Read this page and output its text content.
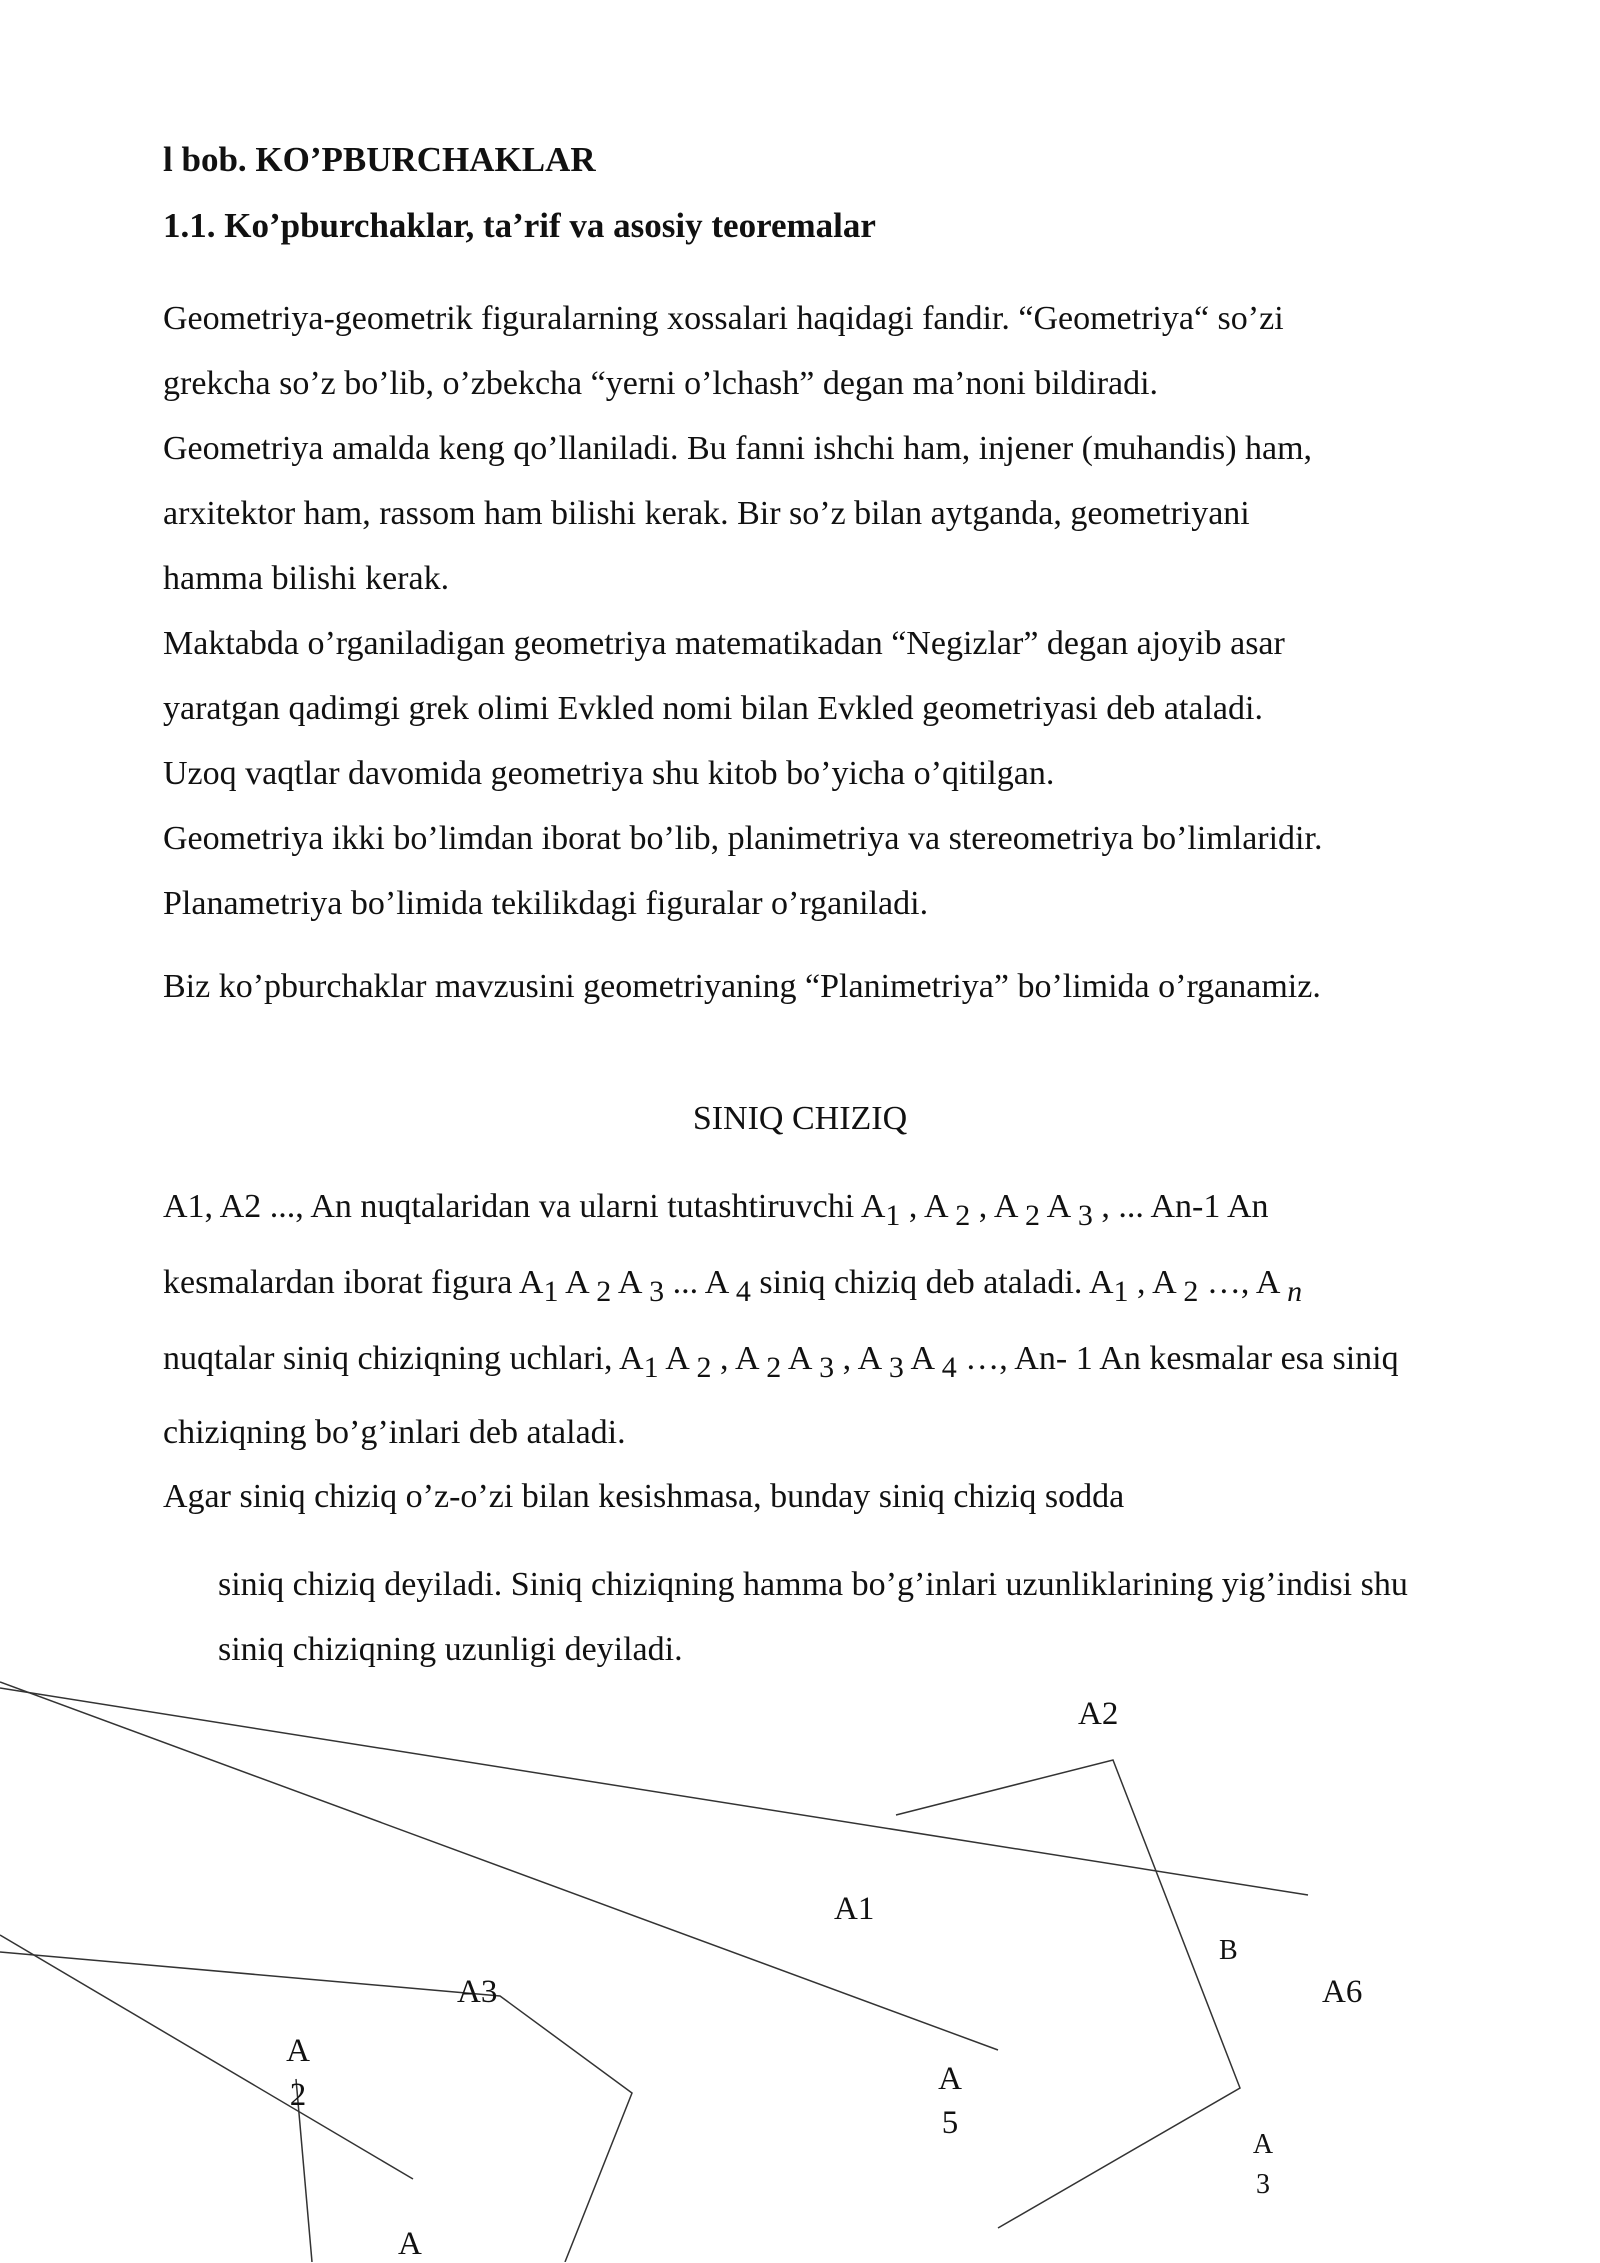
l bob. KO’PBURCHAKLAR
1.1. Ko’pburchaklar, ta’rif va asosiy teoremalar
Geometriya-geometrik figuralarning xossalari haqidagi fandir. “Geometriya“ so’zi
grekcha so’z bo’lib, o’zbekcha “yerni o’lchash” degan ma’noni bildiradi.
Geometriya amalda keng qo’llaniladi. Bu fanni ishchi ham, injener (muhandis) ham,
arxitektor ham, rassom ham bilishi kerak. Bir so’z bilan aytganda, geometriyani
hamma bilishi kerak.
Maktabda o’rganiladigan geometriya matematikadan “Negizlar” degan ajoyib asar
yaratgan qadimgi grek olimi Evkled nomi bilan Evkled geometriyasi deb ataladi.
Uzoq vaqtlar davomida geometriya shu kitob bo’yicha o’qitilgan.
Geometriya ikki bo’limdan iborat bo’lib, planimetriya va stereometriya bo’limlaridir.
Planametriya bo’limida tekilikdagi figuralar o’rganiladi.
Biz ko’pburchaklar mavzusini geometriyaning “Planimetriya” bo’limida o’rganamiz.
SINIQ CHIZIQ
A1, A2 ..., An nuqtalaridan va ularni tutashtiruvchi $A_1$ , A $_2$ , A $_2$ A $_3$ , ... An-1 An
kesmalardan iborat figura $A_1$ A $_2$ A $_3$ ... A $_4$ siniq chiziq deb ataladi. $A_1$ , A $_2$ …, A $_n$
nuqtalar siniq chiziqning uchlari, $A_1$ A $_2$ , A $_2$ A $_3$ , A $_3$ A $_4$ …, An- 1 An kesmalar esa siniq
chiziqning bo’g’inlari deb ataladi.
Agar siniq chiziq o’z-o’zi bilan kesishmasa, bunday siniq chiziq sodda
siniq chiziq deyiladi. Siniq chiziqning hamma bo’g’inlari uzunliklarining yig’indisi shu
siniq chiziqning uzunligi deyiladi.
A2
A1
B
A6
A3
A
2	A
5
A
3
A
